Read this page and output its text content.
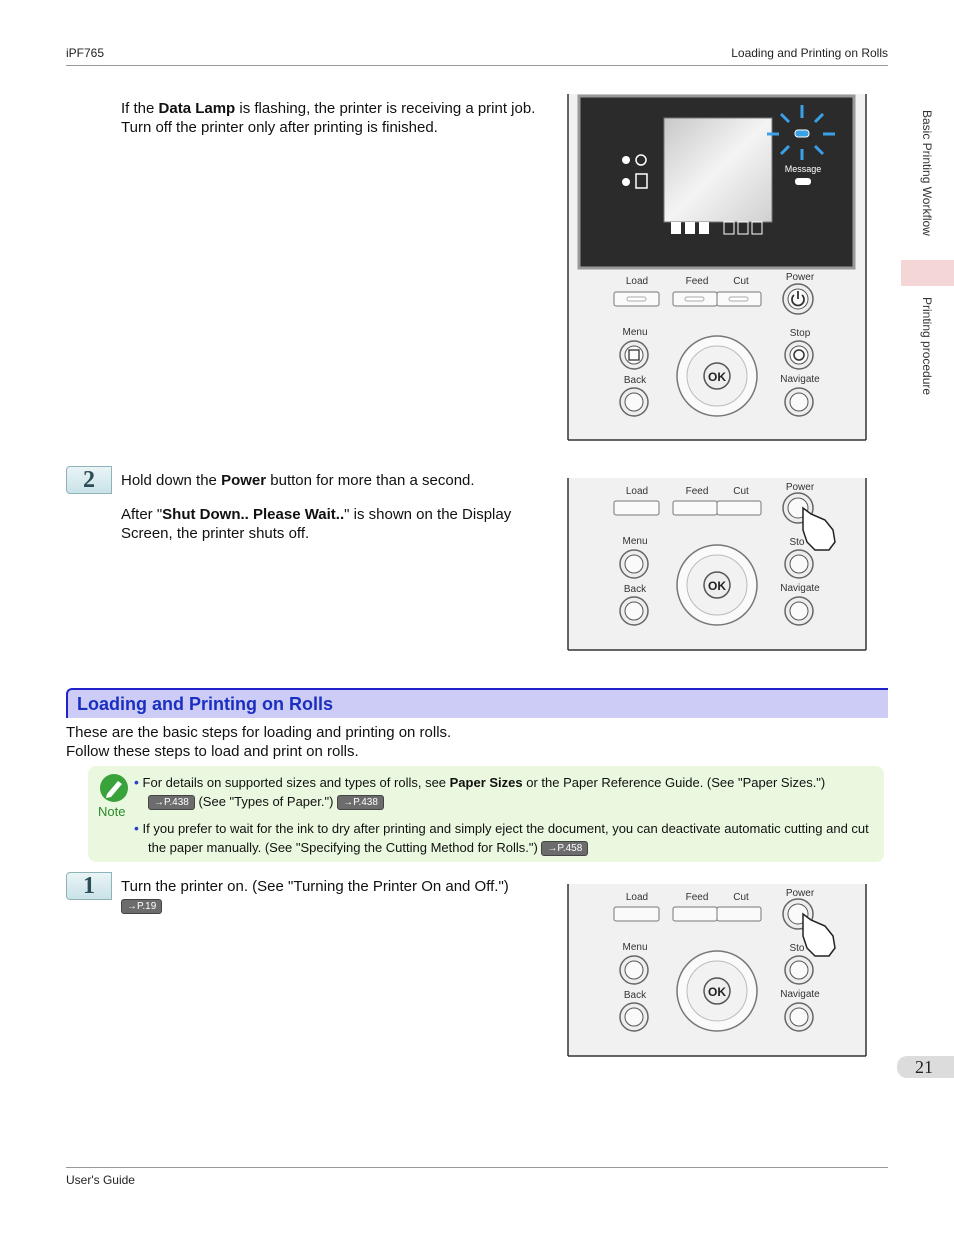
iPF765	Loading and Printing on Rolls
Basic Printing Workflow
Printing procedure
If the Data Lamp is flashing, the printer is receiving a print job.
Turn off the printer only after printing is finished.
Message
Load	Feed Cut	Power
Menu	Stop
OK
Back	Navigate
2	Hold down the Power button for more than a second.
After "Shut Down.. Please Wait.." is shown on the Display
Screen, the printer shuts off.
Load	Feed Cut	Power
Menu	Sto
OK
Back	Navigate
Loading and Printing on Rolls
These are the basic steps for loading and printing on rolls.
Follow these steps to load and print on rolls.
Note
• For details on supported sizes and types of rolls, see Paper Sizes or the Paper Reference Guide. (See "Paper Sizes.")
→P.438 (See "Types of Paper.") →P.438
• If you prefer to wait for the ink to dry after printing and simply eject the document, you can deactivate automatic cutting and cut
the paper manually. (See "Specifying the Cutting Method for Rolls.") →P.458
1	Turn the printer on. (See "Turning the Printer On and Off.")
→P.19
Load	Feed Cut	Power
Menu	Sto
OK
Back	Navigate
21
User's Guide
